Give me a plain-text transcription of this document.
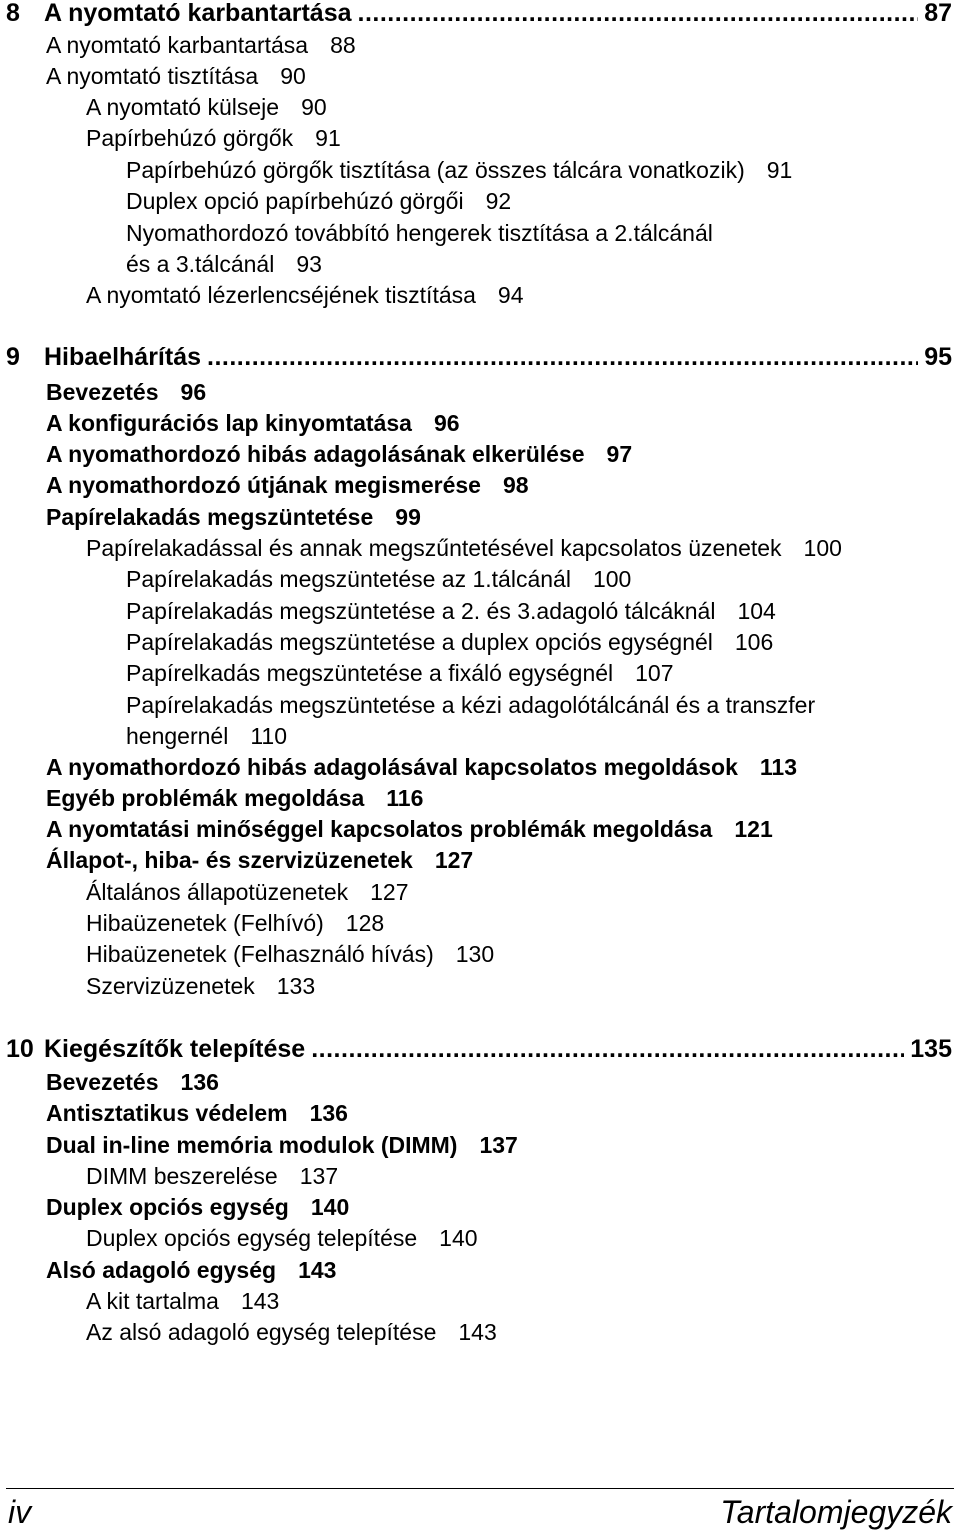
8 A nyomtató karbantartása .....	87
A nyomtató karbantartása 88
A nyomtató tisztítása 90
A nyomtató külseje 90
Papírbehúzó görgők 91
Papírbehúzó görgők tisztítása (az összes tálcára vonatkozik) 91
Duplex opció papírbehúzó görgői 92
Nyomathordozó továbbító hengerek tisztítása a 2.tálcánál
és a 3.tálcánál 93
A nyomtató lézerlencséjének tisztítása 94
9 Hibaelhárítás .....	95
Bevezetés 96
A konfigurációs lap kinyomtatása 96
A nyomathordozó hibás adagolásának elkerülése 97
A nyomathordozó útjának megismerése 98
Papírelakadás megszüntetése 99
Papírelakadással és annak megszűntetésével kapcsolatos üzenetek 100
Papírelakadás megszüntetése az 1.tálcánál 100
Papírelakadás megszüntetése a 2. és 3.adagoló tálcáknál 104
Papírelakadás megszüntetése a duplex opciós egységnél 106
Papírelkadás megszüntetése a fixáló egységnél 107
Papírelakadás megszüntetése a kézi adagolótálcánál és a transzfer
hengernél 110
A nyomathordozó hibás adagolásával kapcsolatos megoldások 113
Egyéb problémák megoldása 116
A nyomtatási minőséggel kapcsolatos problémák megoldása 121
Állapot-, hiba- és szervizüzenetek 127
Általános állapotüzenetek 127
Hibaüzenetek (Felhívó) 128
Hibaüzenetek (Felhasználó hívás) 130
Szervizüzenetek 133
10 Kiegészítők telepítése .....	135
Bevezetés 136
Antisztatikus védelem 136
Dual in-line memória modulok (DIMM) 137
DIMM beszerelése 137
Duplex opciós egység 140
Duplex opciós egység telepítése 140
Alsó adagoló egység 143
A kit tartalma 143
Az alsó adagoló egység telepítése 143
iv	Tartalomjegyzék
